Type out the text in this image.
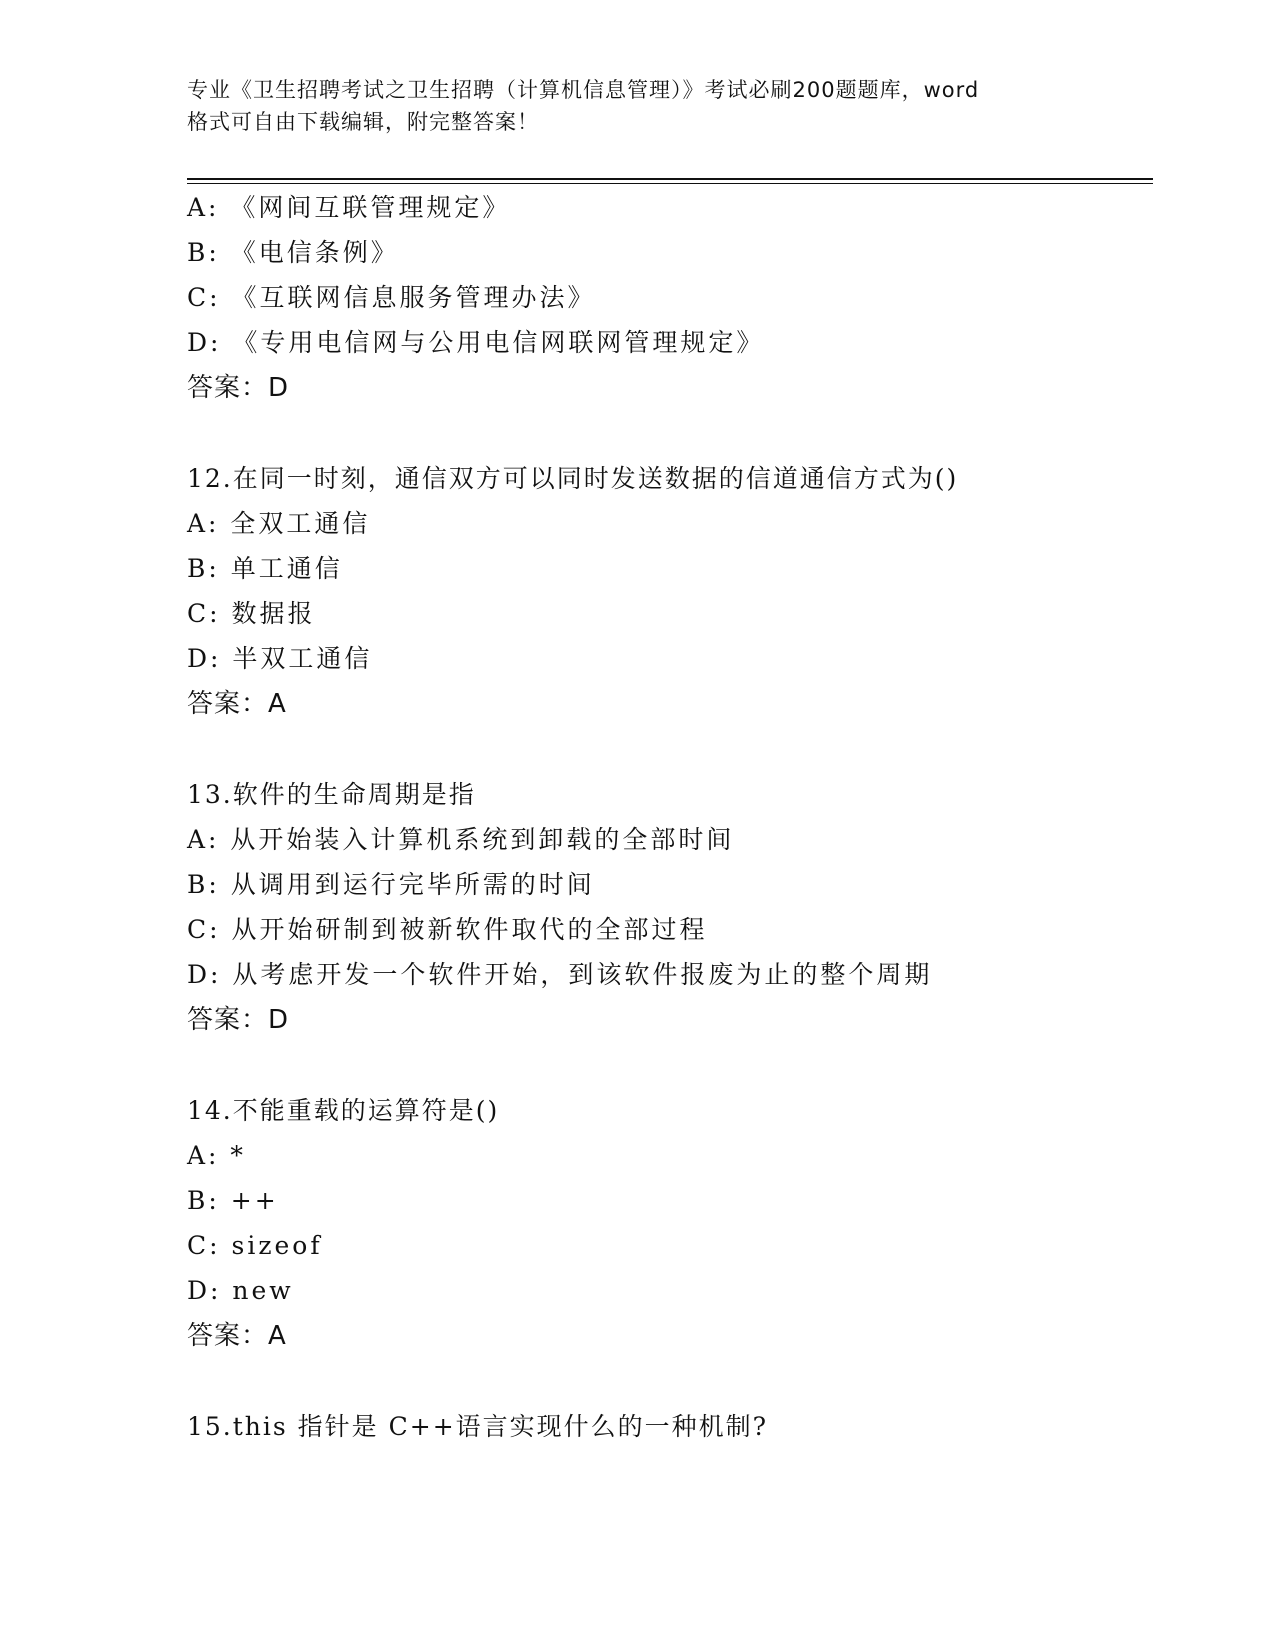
专业《卫生招聘考试之卫生招聘（计算机信息管理）》考试必刷200题题库，word
格式可自由下载编辑，附完整答案！
A: 《网间互联管理规定》
B: 《电信条例》
C: 《互联网信息服务管理办法》
D: 《专用电信网与公用电信网联网管理规定》
答案：D
12.在同一时刻，通信双方可以同时发送数据的信道通信方式为()
A: 全双工通信
B: 单工通信
C: 数据报
D: 半双工通信
答案：A
13.软件的生命周期是指
A: 从开始装入计算机系统到卸载的全部时间
B: 从调用到运行完毕所需的时间
C: 从开始研制到被新软件取代的全部过程
D: 从考虑开发一个软件开始，到该软件报废为止的整个周期
答案：D
14.不能重载的运算符是()
A: *
B: ++
C: sizeof
D: new
答案：A
15.this 指针是 C++语言实现什么的一种机制?
